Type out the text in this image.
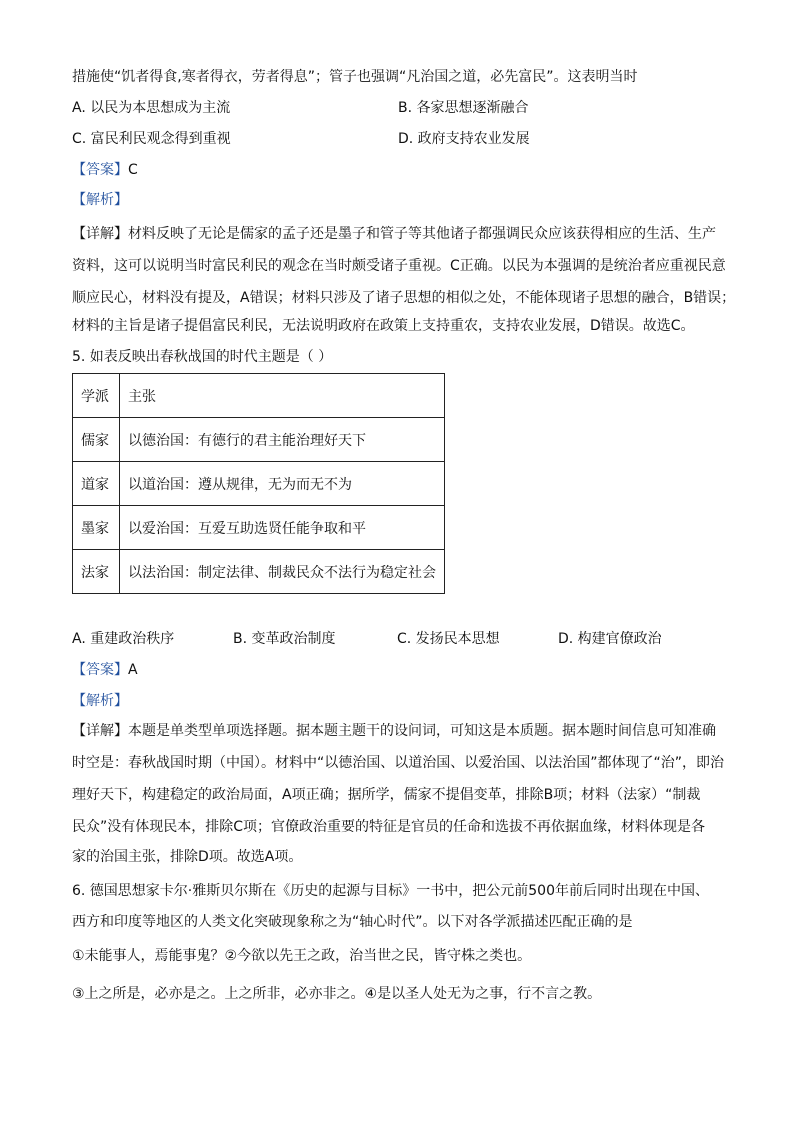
措施使“饥者得食,寒者得衣，劳者得息”；管子也强调“凡治国之道，必先富民”。这表明当时
A. 以民为本思想成为主流	B. 各家思想逐渐融合
C. 富民利民观念得到重视	D. 政府支持农业发展
【答案】C
【解析】
【详解】材料反映了无论是儒家的孟子还是墨子和管子等其他诸子都强调民众应该获得相应的生活、生产
资料，这可以说明当时富民利民的观念在当时颇受诸子重视。C正确。以民为本强调的是统治者应重视民意
顺应民心，材料没有提及，A错误；材料只涉及了诸子思想的相似之处，不能体现诸子思想的融合，B错误；
材料的主旨是诸子提倡富民利民，无法说明政府在政策上支持重农，支持农业发展，D错误。故选C。
5. 如表反映出春秋战国的时代主题是（ ）
学派	主张
儒家	以德治国：有德行的君主能治理好天下
道家	以道治国：遵从规律，无为而无不为
墨家	以爱治国：互爱互助选贤任能争取和平
法家	以法治国：制定法律、制裁民众不法行为稳定社会
A. 重建政治秩序	B. 变革政治制度	C. 发扬民本思想	D. 构建官僚政治
【答案】A
【解析】
【详解】本题是单类型单项选择题。据本题主题干的设问词，可知这是本质题。据本题时间信息可知准确
时空是：春秋战国时期（中国）。材料中“以德治国、以道治国、以爱治国、以法治国”都体现了“治”，即治
理好天下，构建稳定的政治局面，A项正确；据所学，儒家不提倡变革，排除B项；材料（法家）“制裁
民众”没有体现民本，排除C项；官僚政治重要的特征是官员的任命和选拔不再依据血缘，材料体现是各
家的治国主张，排除D项。故选A项。
6. 德国思想家卡尔·雅斯贝尔斯在《历史的起源与目标》一书中，把公元前500年前后同时出现在中国、
西方和印度等地区的人类文化突破现象称之为“轴心时代”。以下对各学派描述匹配正确的是
①未能事人，焉能事鬼？②今欲以先王之政，治当世之民，皆守株之类也。
③上之所是，必亦是之。上之所非，必亦非之。④是以圣人处无为之事，行不言之教。
